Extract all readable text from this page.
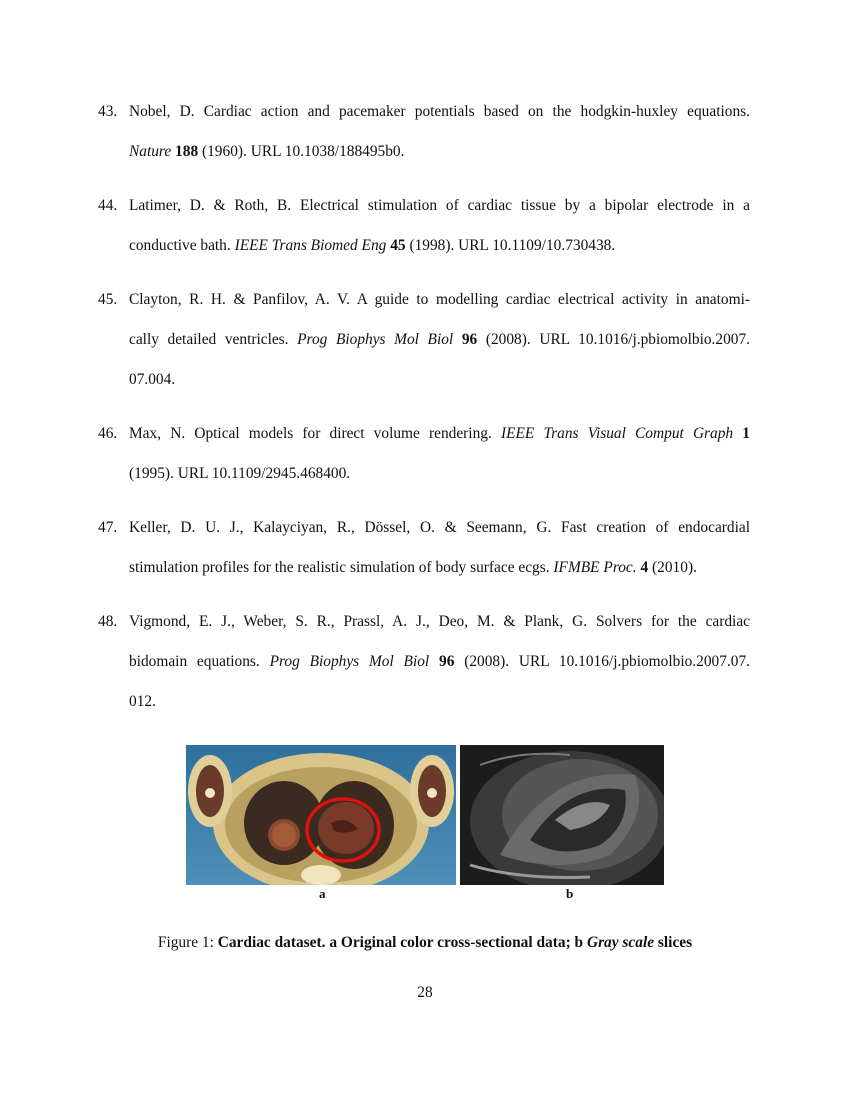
43. Nobel, D. Cardiac action and pacemaker potentials based on the hodgkin-huxley equations.
Nature 188 (1960). URL 10.1038/188495b0.
44. Latimer, D. & Roth, B. Electrical stimulation of cardiac tissue by a bipolar electrode in a
conductive bath. IEEE Trans Biomed Eng 45 (1998). URL 10.1109/10.730438.
45. Clayton, R. H. & Panfilov, A. V. A guide to modelling cardiac electrical activity in anatomi-
cally detailed ventricles. Prog Biophys Mol Biol 96 (2008). URL 10.1016/j.pbiomolbio.2007.
07.004.
46. Max, N. Optical models for direct volume rendering. IEEE Trans Visual Comput Graph 1
(1995). URL 10.1109/2945.468400.
47. Keller, D. U. J., Kalayciyan, R., Dössel, O. & Seemann, G. Fast creation of endocardial
stimulation profiles for the realistic simulation of body surface ecgs. IFMBE Proc. 4 (2010).
48. Vigmond, E. J., Weber, S. R., Prassl, A. J., Deo, M. & Plank, G. Solvers for the cardiac
bidomain equations. Prog Biophys Mol Biol 96 (2008). URL 10.1016/j.pbiomolbio.2007.07.
012.
a	b
Figure 1: Cardiac dataset. a Original color cross-sectional data; b Gray scale slices
28
